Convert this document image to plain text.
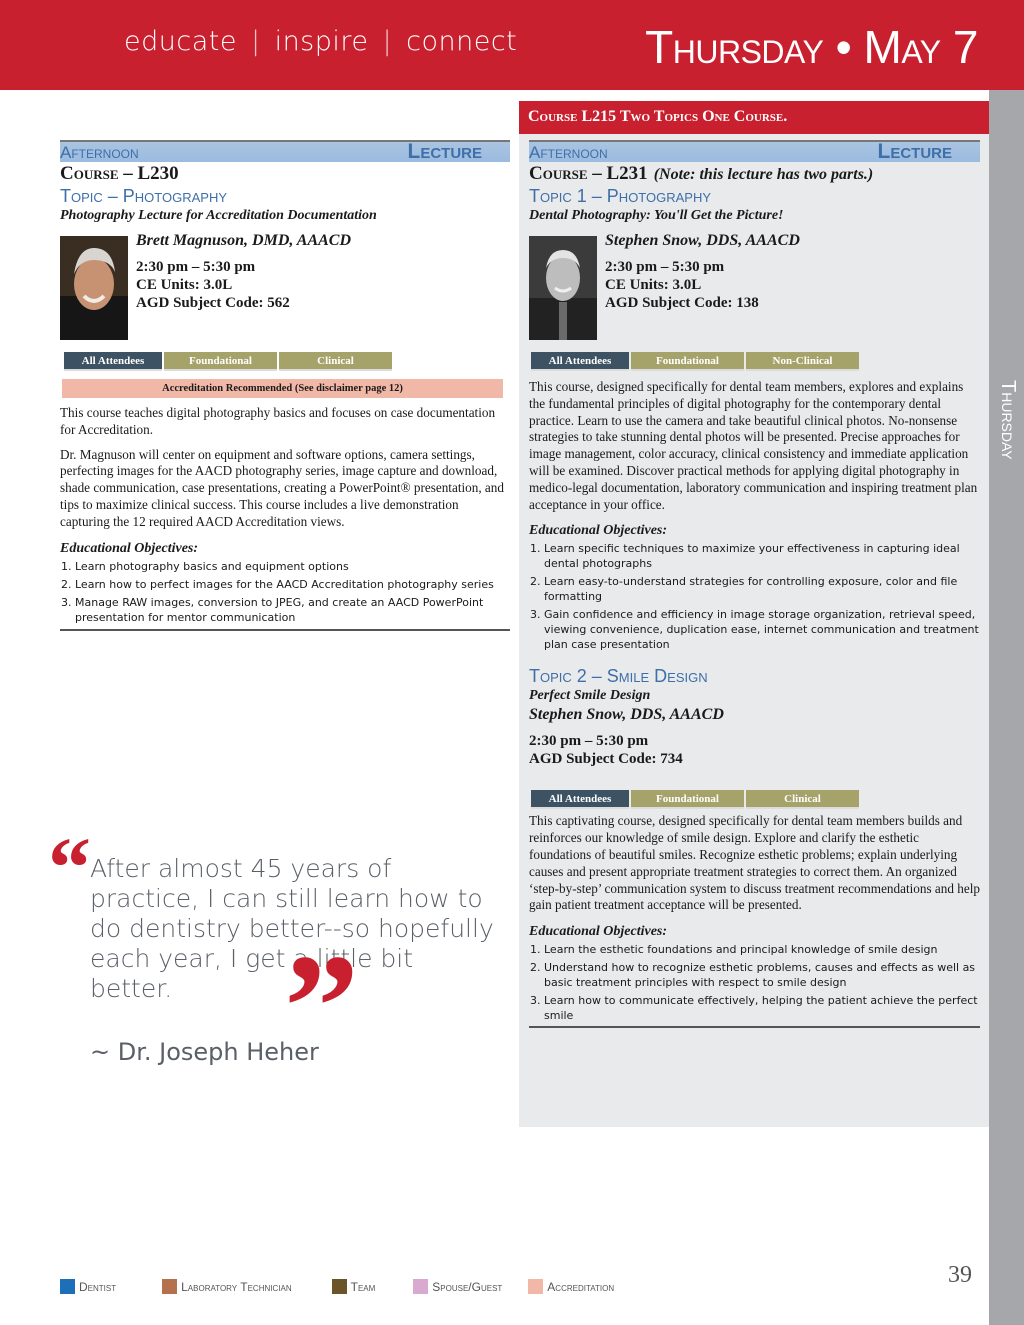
educate | inspire | connect	Thursday • May 7
Course L215 Two Topics One Course.
Thursday
Afternoon	Lecture
Course – L230
Topic – Photography
Photography Lecture for Accreditation Documentation
Brett Magnuson, DMD, AAACD
2:30 pm – 5:30 pm
CE Units: 3.0L
AGD Subject Code: 562
All Attendees	Foundational	Clinical
Accreditation Recommended (See disclaimer page 12)
This course teaches digital photography basics and focuses on case documentation for Accreditation.
Dr. Magnuson will center on equipment and software options, camera settings, perfecting images for the AACD photography series, image capture and download, shade communication, case presentations, creating a PowerPoint® presentation, and tips to maximize clinical success. This course includes a live demonstration capturing the 12 required AACD Accreditation views.
Educational Objectives:
1. Learn photography basics and equipment options
2. Learn how to perfect images for the AACD Accreditation photography series
3. Manage RAW images, conversion to JPEG, and create an AACD PowerPoint presentation for mentor communication
Afternoon	Lecture
Course – L231 (Note: this lecture has two parts.)
Topic 1 – Photography
Dental Photography: You'll Get the Picture!
Stephen Snow, DDS, AAACD
2:30 pm – 5:30 pm
CE Units: 3.0L
AGD Subject Code: 138
All Attendees	Foundational	Non-Clinical
This course, designed specifically for dental team members, explores and explains the fundamental principles of digital photography for the contemporary dental practice. Learn to use the camera and take beautiful clinical photos. No-nonsense strategies to take stunning dental photos will be presented. Precise approaches for image management, color accuracy, clinical consistency and immediate application will be examined. Discover practical methods for applying digital photography in medico-legal documentation, laboratory communication and inspiring treatment plan acceptance in your office.
Educational Objectives:
1. Learn specific techniques to maximize your effectiveness in capturing ideal dental photographs
2. Learn easy-to-understand strategies for controlling exposure, color and file formatting
3. Gain confidence and efficiency in image storage organization, retrieval speed, viewing convenience, duplication ease, internet communication and treatment plan case presentation
Topic 2 – Smile Design
Perfect Smile Design
Stephen Snow, DDS, AAACD
2:30 pm – 5:30 pm
AGD Subject Code: 734
All Attendees	Foundational	Clinical
This captivating course, designed specifically for dental team members builds and reinforces our knowledge of smile design. Explore and clarify the esthetic foundations of beautiful smiles. Recognize esthetic problems; explain underlying causes and present appropriate treatment strategies to correct them. An organized ‘step-by-step’ communication system to discuss treatment recommendations and help gain patient treatment acceptance will be presented.
Educational Objectives:
1. Learn the esthetic foundations and principal knowledge of smile design
2. Understand how to recognize esthetic problems, causes and effects as well as basic treatment principles with respect to smile design
3. Learn how to communicate effectively, helping the patient achieve the perfect smile
“ After almost 45 years of practice, I can still learn how to do dentistry better--so hopefully each year, I get a little bit better. ”
~ Dr. Joseph Heher
Dentist	Laboratory Technician	Team	Spouse/Guest	Accreditation	39
